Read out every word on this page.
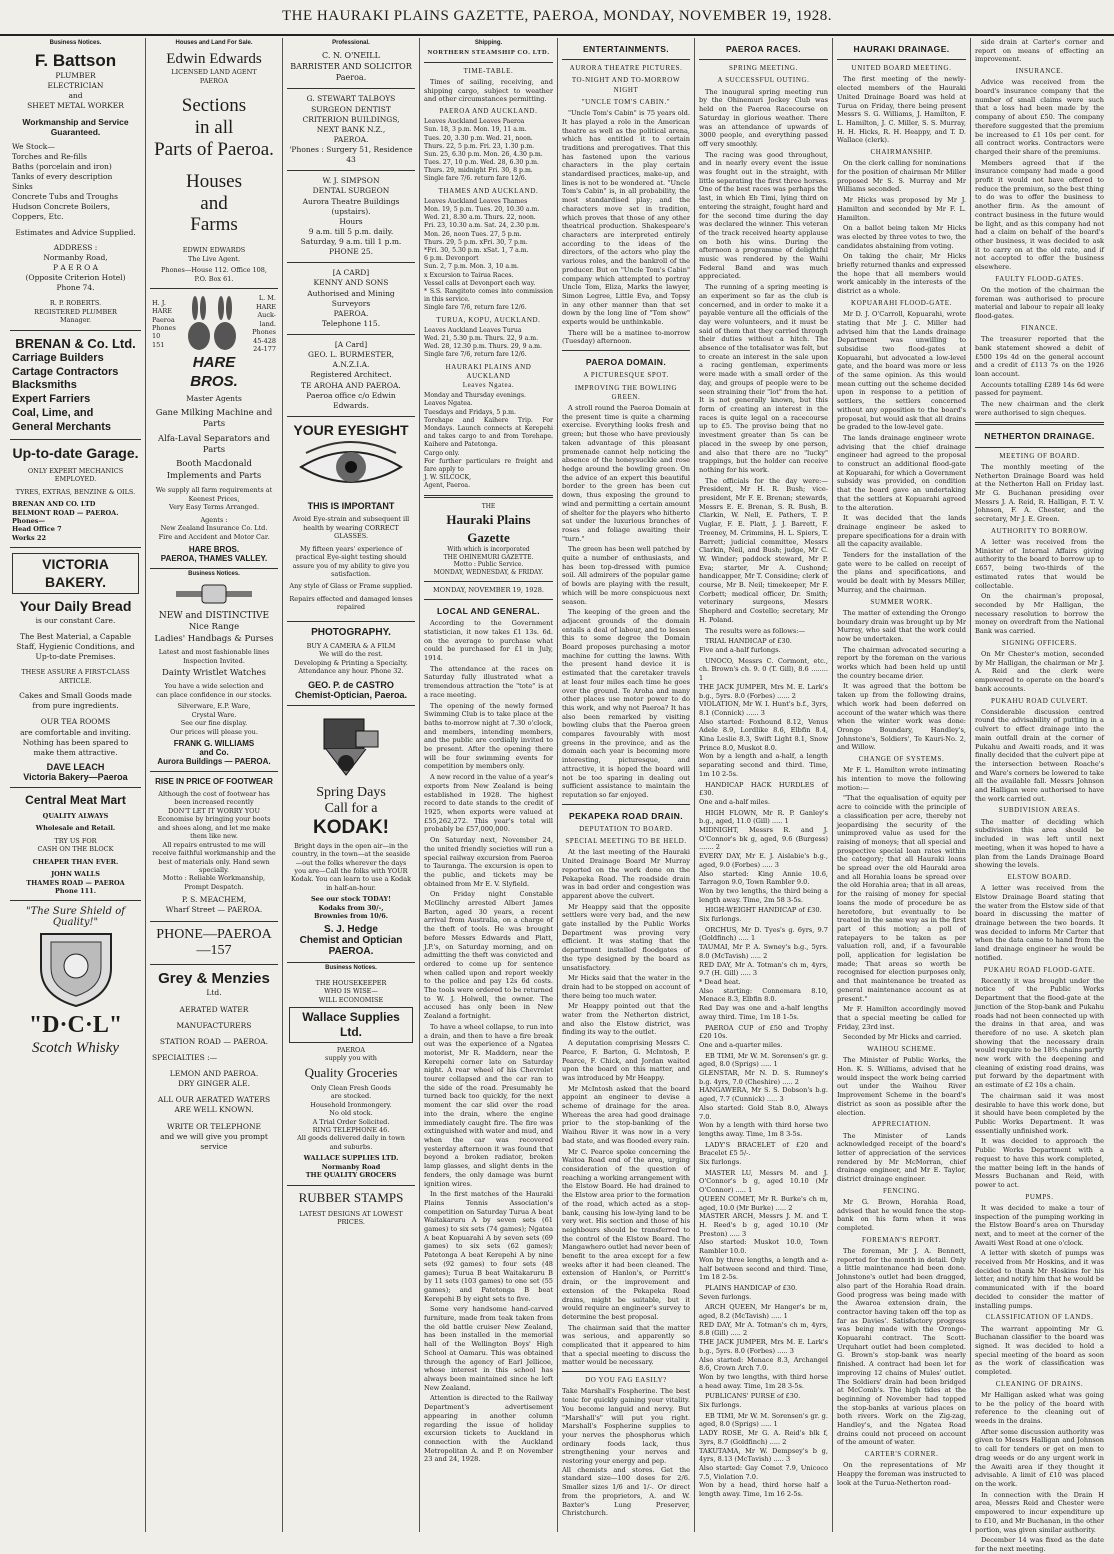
THE HAURAKI PLAINS GAZETTE, PAEROA, MONDAY, NOVEMBER 19, 1928.
Business Notices.
F. Battson
PLUMBER
ELECTRICIAN
and
SHEET METAL WORKER
Workmanship and Service Guaranteed.
We Stock—
Torches and Re-fills
Baths (porcelain and iron)
Tanks of every description
Sinks
Concrete Tubs and Troughs
Hudson Concrete Boilers,
Coppers, Etc.
Estimates and Advice Supplied.
ADDRESS :
Normanby Road,
P A E R O A
(Opposite Criterion Hotel)
Phone 74.
R. P. ROBERTS.
REGISTERED PLUMBER
Manager.
BRENAN & Co. Ltd.
Carriage Builders
Cartage Contractors
Blacksmiths
Expert Farriers
Coal, Lime, and
General Merchants
Up-to-date Garage.
ONLY EXPERT MECHANICS EMPLOYED.
TYRES, EXTRAS, BENZINE & OILS.
BRENAN AND CO. LTD
BELMONT ROAD — PAEROA.
Phones—
Head Office 7
Works 22
VICTORIA BAKERY.
Your Daily Bread
is our constant Care.
The Best Material, a Capable Staff, Hygienic Conditions, and Up-to-date Premises.
THESE ASSURE A FIRST-CLASS ARTICLE.
Cakes and Small Goods made from pure ingredients.
OUR TEA ROOMS
are comfortable and inviting.
Nothing has been spared to
make them attractive.
DAVE LEACH
Victoria Bakery—Paeroa
Central Meat Mart
QUALITY ALWAYS
Wholesale and Retail.
TRY US FOR
CASH ON THE BLOCK
CHEAPER THAN EVER.
JOHN WALLS
THAMES ROAD — PAEROA
Phone 111.
"The Sure Shield of Quality!"
"D·C·L"
Scotch Whisky
Houses and Land For Sale.
Edwin Edwards
LICENSED LAND AGENT
PAEROA
Sections
in all
Parts of Paeroa.
Houses
and
Farms
EDWIN EDWARDS
The Live Agent.
Phones—House 112. Office 108,
P.O. Box 61.
H. J.
HARE
Paeroa
Phones
10
151
L. M.
HARE
Auck-
land.
Phones
45-428
24-177
HARE
BROS.
Master Agents
Gane Milking Machine and Parts
Alfa-Laval Separators and Parts
Booth Macdonald Implements and Parts
We supply all farm requirements at Keenest Prices,
Very Easy Terms Arranged.
Agents :
New Zealand Insurance Co. Ltd.
Fire and Accident and Motor Car.
HARE BROS.
PAEROA, THAMES VALLEY.
Business Notices.
NEW and DISTINCTIVE
Nice Range
Ladies' Handbags & Purses
Latest and most fashionable lines
Inspection Invited.
Dainty Wristlet Watches
You have a wide selection and
can place confidence in our stocks.
Silverware, E.P. Ware,
Crystal Ware.
See our fine display.
Our prices will please you.
FRANK G. WILLIAMS
and Co.
Aurora Buildings — PAEROA.
RISE IN PRICE OF FOOTWEAR
Although the cost of footwear has been increased recently
DON'T LET IT WORRY YOU
Economise by bringing your boots and shoes along, and let me make them like new.
All repairs entrusted to me will receive faithful workmanship and the best of materials only. Hand sewn specially.
Motto : Reliable Workmanship, Prompt Despatch.
P. S. MEACHEM,
Wharf Street — PAEROA.
PHONE—PAEROA —157
Grey & Menzies
Ltd.
AERATED WATER
MANUFACTURERS
STATION ROAD — PAEROA.
SPECIALTIES :—
LEMON AND PAEROA.
DRY GINGER ALE.
ALL OUR AERATED WATERS
ARE WELL KNOWN.
WRITE OR TELEPHONE
and we will give you prompt
service
Professional.
C. N. O'NEILL
BARRISTER AND SOLICITOR
Paeroa.
G. STEWART TALBOYS
SURGEON DENTIST
CRITERION BUILDINGS,
NEXT BANK N.Z.,
PAEROA.
'Phones : Surgery 51, Residence 43
W. J. SIMPSON
DENTAL SURGEON
Aurora Theatre Buildings
(upstairs).
Hours
9 a.m. till 5 p.m. daily.
Saturday, 9 a.m. till 1 p.m.
PHONE 25.
[A CARD]
KENNY AND SONS
Authorised and Mining Surveyors
PAEROA.
Telephone 115.
[A Card]
GEO. L. BURMESTER, A.N.Z.I.A.
Registered Architect.
TE AROHA AND PAEROA.
Paeroa office c/o Edwin Edwards.
YOUR EYESIGHT
THIS IS IMPORTANT
Avoid Eye-strain and subsequent ill health by wearing CORRECT GLASSES.
My fifteen years' experience of practical Eye-sight testing should assure you of my ability to give you satisfaction.
Any style of Glass or Frame supplied.
Repairs effected and damaged lenses repaired
PHOTOGRAPHY.
BUY A CAMERA & A FILM
We will do the rest.
Developing & Printing a Specialty.
Attendance any hour. Phone 32.
GEO. P. de CASTRO
Chemist-Optician, Paeroa.
Spring Days
Call for a
KODAK!
Bright days in the open air—in the country, in the town—at the seaside—out the folks wherever the days you are—Call the folks with YOUR Kodak. You can learn to use a Kodak in half-an-hour.
See our stock TODAY!
Kodaks from 30/-,
Brownies from 10/6.
S. J. Hedge
Chemist and Optician
PAEROA.
Business Notices.
THE HOUSEKEEPER
WHO IS WISE—
WILL ECONOMISE
Wallace Supplies Ltd.
PAEROA
supply you with
Quality Groceries
Only Clean Fresh Goods
are stocked.
Household Ironmongery.
No old stock.
A Trial Order Solicited.
RING TELEPHONE 46.
All goods delivered daily in town
and suburbs.
WALLACE SUPPLIES LTD.
Normanby Road
THE QUALITY GROCERS
RUBBER STAMPS
LATEST DESIGNS AT LOWEST
PRICES.
Shipping.
NORTHERN STEAMSHIP CO. LTD.
TIME-TABLE.

Times of sailing, receiving, and shipping cargo, subject to weather and other circumstances permitting.

PAEROA AND AUCKLAND.
Leaves Auckland Leaves Paeroa
Sun. 18, 3 p.m. Mon. 19, 11 a.m.
Tues. 20, 3.30 p.m. Wed. 21, noon.
Thurs. 22, 5 p.m. Fri. 23, 1.30 p.m.
Sun. 25, 6.30 p.m. Mon. 26, 4.30 p.m.
Tues. 27, 10 p.m. Wed. 28, 6.30 p.m.
Thurs. 29, midnight Fri. 30, 8 p.m.
Single fare 7/6. return fare 12/6.
THAMES AND AUCKLAND.
Leaves Auckland Leaves Thames
Mon. 19, 5 p.m. Tues. 20, 10.30 a.m.
Wed. 21, 8.30 a.m. Thurs. 22, noon.
Fri. 23, 10.30 a.m. Sat. 24, 2.30 p.m.
Mon. 26, noon Tues. 27, 5 p.m.
Thurs. 29, 5 p.m. xFri. 30, 7 p.m.
*Fri. 30, 5.30 p.m. xSat. 1, 7 a.m.
6 p.m. Devonport
Sun. 2, 7 p.m. Mon. 3, 10 a.m.
x Excursion to Tairua Races.
Vessel calls at Devonport each way.
* S.S. Rangitoto comes into commission in this service.
Single fare 7/6, return fare 12/6.
TURUA, KOPU, AUCKLAND.
Leaves Auckland Leaves Turua
Wed. 21, 5.30 p.m. Thurs. 22, 9 a.m.
Wed. 28, 12.30 p.m. Thurs. 29, 9 a.m.
Single fare 7/6, return fare 12/6.
HAURAKI PLAINS AND AUCKLAND
Leaves Ngatea.
Monday and Thursday evenings.
Leaves Ngatea.
Tuesdays and Fridays, 5 p.m.
Torehape and Kaihere Trip. For Mondays. Launch connects at Kerepehi and takes cargo to and from Torehape. Kaihere and Patetonga.
Cargo only.
For further particulars re freight and fare apply to
J. W. SILCOCK,
Agent, Paeroa.
THE
Hauraki Plains Gazette
With which is incorporated
THE OHINEMURI GAZETTE.
Motto : Public Service.
MONDAY, WEDNESDAY, & FRIDAY.
MONDAY, NOVEMBER 19, 1928.
LOCAL AND GENERAL.

According to the Government statistician, it now takes £1 13s. 6d. on the average to purchase what could be purchased for £1 in July, 1914.

The attendance at the races on Saturday fully illustrated what a tremendous attraction the "tote" is at a race meeting.

The opening of the newly formed Swimming Club is to take place at the baths to-morrow night at 7.30 o'clock, and members, intending members, and the public are cordially invited to be present. After the opening there will be four swimming events for competition by members only.

A new record in the value of a year's exports from New Zealand is being established in 1928. The highest record to date stands to the credit of 1925, when exports were valued at £55,262,272. This year's total will probably be £57,000,000.

On Saturday next, November 24, the united friendly societies will run a special railway excursion from Paeroa to Tauranga. The excursion is open to the public, and tickets may be obtained from Mr E. V. Slyfield.

On Friday night Constable McGlinchy arrested Albert James Barton, aged 30 years, a recent arrival from Australia, on a charge of the theft of tools. He was brought before Messrs Edwards and Platt, J.P.'s, on Saturday morning, and on admitting the theft was convicted and ordered to come up for sentence when called upon and report weekly to the police and pay 12s 6d costs. The tools were ordered to be returned to W. J. Holwell, the owner. The accused has only been in New Zealand a fortnight.

To have a wheel collapse, to run into a drain, and then to have a fire break out was the experience of a Ngatea motorist, Mr R. Maddern, near the Kerepehi corner late on Saturday night. A rear wheel of his Chevrolet tourer collapsed and the car ran to the side of the road. Presumably he turned back too quickly, for the next moment the car slid over the road into the drain, where the engine immediately caught fire. The fire was extinguished with water and mud, and when the car was recovered yesterday afternoon it was found that beyond a broken radiator, broken lamp glasses, and slight dents in the fenders, the only damage was burnt ignition wires.

In the first matches of the Hauraki Plains Tennis Association's competition on Saturday Turua A beat Waitakaruru A by seven sets (61 games) to six sets (74 games); Ngatea A beat Kopuarahi A by seven sets (69 games) to six sets (62 games); Patetonga A beat Kerepehi A by nine sets (92 games) to four sets (48 games); Turua B beat Waitakaruru B by 11 sets (103 games) to one set (55 games); and Patetonga B beat Kerepehi B by eight sets to five.

Some very handsome hand-carved furniture, made from teak taken from the old battle cruiser New Zealand, has been installed in the memorial hall of the Wellington Boys' High School at Oamaru. This was obtained through the agency of Earl Jellicoe, whose interest in this school has always been maintained since he left New Zealand.

Attention is directed to the Railway Department's advertisement appearing in another column regarding the issue of holiday excursion tickets to Auckland in connection with the Auckland Metropolitan A. and P. on November 23 and 24, 1928.

ENTERTAINMENTS.
AURORA THEATRE PICTURES.
TO-NIGHT AND TO-MORROW NIGHT
"UNCLE TOM'S CABIN."

"Uncle Tom's Cabin" is 75 years old. It has played a role in the American theatre as well as the political arena, which has entitled it to certain traditions and prerogatives. That this has fastened upon the various characters in the play certain standardised practices, make-up, and lines is not to be wondered at. "Uncle Tom's Cabin" is, in all probability, the most standardised play; and the characters move set in tradition, which proves that those of any other theatrical production. Shakespeare's characters are interpreted entirely according to the ideas of the directors, of the actors who play the various roles, and the bankroll of the producer. But on "Uncle Tom's Cabin" company which attempted to portray Uncle Tom, Eliza, Marks the lawyer, Simon Legree, Little Eva, and Topsy in any other manner than that set down by the long line of "Tom show" experts would be unthinkable.

There will be a matinee to-morrow (Tuesday) afternoon.

PAEROA DOMAIN.
A PICTURESQUE SPOT.
IMPROVING THE BOWLING GREEN.

A stroll round the Paeroa Domain at the present time is quite a charming exercise. Everything looks fresh and green; but those who have previously taken advantage of this pleasant promenade cannot help noticing the absence of the honeysuckle and rose hedge around the bowling green. On the advice of an expert this beautiful border to the green has been cut down, thus exposing the ground to wind and permitting a certain amount of shelter for the players who hitherto sat under the luxurious branches of roses and foliage awaiting their "turn."

The green has been well patched by quite a number of enthusiasts, and has been top-dressed with pumice soil. All admirers of the popular game of bowls are playing with the result, which will be more conspicuous next season.

The keeping of the green and the adjacent grounds of the domain entails a deal of labour, and to lessen this to some degree the Domain Board proposes purchasing a motor machine for cutting the lawns. With the present hand device it is estimated that the caretaker travels at least four miles each time he goes over the ground. Te Aroha and many other places use motor power to do this work, and why not Paeroa? It has also been remarked by visiting bowling clubs that the Paeroa green compares favourably with most greens in the province, and as the domain each year is becoming more interesting, picturesque, and attractive, it is hoped the board will not be too sparing in dealing out sufficient assistance to maintain the reputation so far enjoyed.

PEKAPEKA ROAD DRAIN.
DEPUTATION TO BOARD.
SPECIAL MEETING TO BE HELD.

At the last meeting of the Hauraki United Drainage Board Mr Murray reported on the work done on the Pekapeka Road. The roadside drain was in bad order and congestion was apparent above the culvert.

Mr Heappy said that the opposite settlers were very bad, and the new gate installed by the Public Works Department was proving very efficient. It was stating that the department installed floodgates of the type designed by the board as unsatisfactory.

Mr Hicks said that the water in the drain had to be stopped on account of there being too much water.

Mr Heappy pointed out that the water from the Netherton district, and also the Elstow district, was finding its way to the outlet.

A deputation comprising Messrs C. Pearce, F. Barton, G. McIntosh, P. Pearce, F. Chick, and Jordan waited upon the board on this matter, and was introduced by Mr Heappy.

Mr McIntosh asked that the board appoint an engineer to devise a scheme of drainage for the area. Whereas the area had good drainage prior to the stop-banking of the Waihou River it was now in a very bad state, and was flooded every rain.

Mr C. Pearce spoke concerning the Waitoa Road end of the area, urging consideration of the question of reaching a working arrangement with the Elstow Board. He had drained to the Elstow area prior to the formation of the road, which acted as a stop-bank, causing his low-lying land to be very wet. His section and those of his neighbours should be transferred to the control of the Elstow Board. The Mangawhero outlet had never been of benefit to the area except for a few weeks after it had been cleaned. The extension of Hanlon's, or Perritt's drain, or the improvement and extension of the Pekapeka Road drains, might be suitable, but it would require an engineer's survey to determine the best proposal.

The chairman said that the matter was serious, and apparently so complicated that it appeared to him that a special meeting to discuss the matter would be necessary.

DO YOU FAG EASILY?
Take Marshall's Fospherine. The best tonic for quickly gaining your vitality. You become languid and nervy. But "Marshall's" will put you right. Marshall's Fospherine supplies to your nerves the phosphorus which ordinary foods lack, thus strengthening your nerves and restoring your energy and pep.
All chemists and stores. Get the standard size—100 doses for 2/6. Smaller sizes 1/6 and 1/-. Or direct from the proprietors, A. and W. Baxter's Lung Preserver, Christchurch.
PAEROA RACES.
SPRING MEETING.
A SUCCESSFUL OUTING.

The inaugural spring meeting run by the Ohinemuri Jockey Club was held on the Paeroa Racecourse on Saturday in glorious weather. There was an attendance of upwards of 3000 people, and everything passed off very smoothly.

The racing was good throughout, and in nearly every event the issue was fought out in the straight, with little separating the first three horses. One of the best races was perhaps the last, in which Eb Timi, lying third on entering the straight, fought hard and for the second time during the day was declared the winner. This veteran of the track received hearty applause on both his wins. During the afternoon a programme of delightful music was rendered by the Waihi Federal Band and was much appreciated.

The running of a spring meeting is an experiment so far as the club is concerned, and in order to make it a payable venture all the officials of the day were volunteers, and it must be said of them that they carried through their duties without a hitch. The absence of the totalisator was felt, but to create an interest in the sale upon a racing gentleman, experiments were made with a small order of the day, and groups of people were to be seen straining their "lot" from the hat. It is not generally known, but this form of creating an interest in the races is quite legal on a racecourse up to £5. The proviso being that no investment greater than 5s can be placed in the sweep by one person, and also that there are no "lucky" trappings, but the holder can receive nothing for his work.

The officials for the day were:— President, Mr H. R. Bush; vice-president, Mr F. E. Brenan; stewards, Messrs E. E. Brenan, S. R. Bush, B. Clarkin, W. Nell, E. Pathers, T. P. Vuglar, F. E. Platt, J. J. Barrett, F. Treeney, M. Crimmins, H. L. Spiers, T. Barrett; judicial committee, Messrs Clarkin, Neil, and Bush; judge, Mr C. W. Winder; paddock steward, Mr P. Eva; starter, Mr A. Cushond; handicapper, Mr T. Considine; clerk of course, Mr B. Neil; timekeeper, Mr F. Corbett; medical officer, Dr. Smith; veterinary surgeons, Messrs Shepherd and Costello; secretary, Mr H. Poland.

The results were as follows:—

TRIAL HANDICAP of £30.
Five and a-half furlongs.

UNOCO, Messrs C. Cormont, etc., ch. Brown's ch. 9. 0 (T. Gill), 8.6 ........ 1
THE JACK JUMPER, Mrs M. E. Lark's b.g., 5yrs. 8.0 (Forbes) ...... 2
VIOLATION, Mr W. I. Hunt's b.f., 3yrs, 8.1 (Connick) ...... 3
Also started: Foxhound 8.12, Venus Adele 8.9, Lordlike 8.6, Elbfin 8.4, Kina Leslie 8.3, Swift Light 8.1, Snow Prince 8.0, Muskot 8.0.
Won by a length and a-half, a length separating second and third. Time, 1m 10 2-5s.

HANDICAP HACK HURDLES of £30.
One and a-half miles.

HIGH FLOWN, Mr R. P. Ganley's b.g., aged, 11.0 (Gill) ..... 1
MIDNIGHT, Messrs R. and J. O'Connor's bk g, aged, 9.6 (Burgess) ....... 2
EVERY DAY, Mr E. J. Aislabie's b.g., aged, 9.0 (Forbes) ..... 3
Also started: King Annie 10.6, Tarragon 9.0, Town Rambler 9.0.
Won by two lengths, the third being a length away. Time, 2m 58 3-5s.

HIGH-WEIGHT HANDICAP of £30.
Six furlongs.

ORCHUS, Mr D. Tyes's g. 6yrs, 9.7 (Goldfinch) ..... 1
TAUMAI, Mr P. A. Swney's b.g., 5yrs. 8.0 (McTavish) ..... 2
RED DAY, Mr A. Totman's ch m, 4yrs, 9.7 (H. Gill) ..... 3
* Dead heat.
Also starting: Connemara 8.10, Menace 8.3, Elbfin 8.0.
Red Day was one and a-half lengths away third. Time, 1m 18 1-5s.

PAEROA CUP of £50 and Trophy £20 10s.
One and a-quarter miles.

EB TIMI, Mr W. M. Sorensen's gr. g. aged, 8.0 (Sprigs) ..... 1
GLENSTAR, Mr N. D. S. Rumney's b.g. 4yrs, 7.0 (Cheshire) ..... 2
HANGAWERA, Mr S. S. Dobson's b.g. aged, 7.7 (Cunnick) ..... 3
Also started: Gold Stab 8.0, Always 7.0.
Won by a length with third horse two lengths away. Time, 1m 8 3-5s.

LADY'S BRACELET of £20 and Bracelet £5 5/-.
Six furlongs.

MASTER LU, Messrs M. and J. O'Connor's b g, aged 10.10 (Mr O'Connor) ..... 1
QUEEN COMET, Mr R. Burke's ch m, aged, 10.0 (Mr Burke) ..... 2
MASTER ARCH, Messrs J. M. and T. H. Reed's b g, aged 10.10 (Mr Preston) ..... 3
Also started: Muskot 10.0, Town Rambler 10.0.
Won by three lengths, a length and a-half between second and third. Time, 1m 18 2-5s.

PLAINS HANDICAP of £30.
Seven furlongs.

ARCH QUEEN, Mr Hanger's br m, aged, 8.2 (McTavish) ..... 1
RED DAY, Mr A. Totman's ch m, 4yrs, 8.8 (Gill) ..... 2
THE JACK JUMPER, Mrs M. E. Lark's b.g., 5yrs. 8.0 (Forbes) ..... 3
Also started: Menace 8.3, Archangel 8.6, Crown Arch 7.0.
Won by two lengths, with third horse a head away. Time, 1m 28 3-5s.

PUBLICANS' PURSE of £30.
Six furlongs.

EB TIMI, Mr W. M. Sorensen's gr. g. aged, 8.0 (Sprigs) ..... 1
LADY ROSE, Mr G. A. Reid's blk f, 3yrs, 8.7 (Goldfinch) ..... 2
TAKUTAMA, Mr W. Dempsey's b g, 4yrs, 8.13 (McTavish) ..... 3
Also started: Gay Comet 7.9, Unicoco 7.5, Violation 7.0.
Won by a head, third horse half a length away. Time, 1m 16 2-5s.

HAURAKI DRAINAGE.
UNITED BOARD MEETING.

The first meeting of the newly-elected members of the Hauraki United Drainage Board was held at Turua on Friday, there being present Messrs S. G. Williams, J. Hamilton, F. L. Hamilton, J. C. Miller, S. S. Murray, H. H. Hicks, R. H. Heappy, and T. D. Wallace (clerk).

CHAIRMANSHIP.

On the clerk calling for nominations for the position of chairman Mr Miller proposed Mr S. S. Murray and Mr Williams seconded.

Mr Hicks was proposed by Mr J. Hamilton and seconded by Mr F. L. Hamilton.

On a ballot being taken Mr Hicks was elected by three votes to two, the candidates abstaining from voting.

On taking the chair, Mr Hicks briefly returned thanks and expressed the hope that all members would work amicably in the interests of the district as a whole.

KOPUARAHI FLOOD-GATE.

Mr D. J. O'Carroll, Kopuarahi, wrote stating that Mr J. C. Miller had advised him that the Lands drainage Department was unwilling to subsidise two flood-gates at Kopuarahi, but advocated a low-level gate, and the board was more or less of the same opinion. As this would mean cutting out the scheme decided upon in response to a petition of settlers, the settlers concerned without any opposition to the board's proposal, but would ask that all drains be graded to the low-level gate.

The lands drainage engineer wrote advising that the chief drainage engineer had agreed to the proposal to construct an additional flood-gate at Kopuarahi, for which a Government subsidy was provided, on condition that the board gave an undertaking that the settlers at Kopuarahi agreed to the alteration.

It was decided that the lands drainage engineer be asked to prepare specifications for a drain with all the capacity available.

Tenders for the installation of the gate were to be called on receipt of the plans and specifications, and would be dealt with by Messrs Miller, Murray, and the chairman.

SUMMER WORK.

The matter of extending the Orongo boundary drain was brought up by Mr Murray, who said that the work could now be undertaken.

The chairman advocated securing a report by the foreman on the various works which had been held up until the country became drier.

It was agreed that the bottom be taken up from the following drains, which work had been deferred on account of the water which was there when the winter work was done: Orongo Boundary, Handley's, Johnstone's, Soldiers', Te Kauri-No. 2, and Willow.

CHANGE OF SYSTEMS.

Mr F. L. Hamilton wrote intimating his intention to move the following motion:—

"That the equalisation of equity per acre to coincide with the principle of a classification per acre, thereby not jeopardising the security of the unimproved value as used for the raising of moneys; that all special and prospective special loan rates within the category; that all Hauraki loans be spread over the old Hauraki area and all Horahia loans be spread over the old Horahia area; that in all areas, for the raising of money for special loans the mode of procedure be as heretofore, but eventually to be treated in the same way as in the first part of this motion; a poll of ratepayers to be taken as per valuation roll, and, if a favourable poll, application for legislation be made; That areas so worth be recognised for election purposes only, and that maintenance be treated as general maintenance account as at present."

Mr F. Hamilton accordingly moved that a special meeting be called for Friday, 23rd inst.

Seconded by Mr Hicks and carried.

WAIHOU SCHEME.

The Minister of Public Works, the Hon. K. S. Williams, advised that he would inspect the work being carried out under the Waihou River Improvement Scheme in the board's district as soon as possible after the election.

APPRECIATION.

The Minister of Lands acknowledged receipt of the board's letter of appreciation of the services rendered by Mr McMorran, chief drainage engineer, and Mr E. Taylor, district drainage engineer.

FENCING.

Mr G. Brown, Horahia Road, advised that he would fence the stop-bank on his farm when it was completed.

FOREMAN'S REPORT.

The foreman, Mr J. A. Bennett, reported for the month in detail. Only a little maintenance had been done. Johnstone's outlet had been dragged, also part of the Horahia Road drain. Good progress was being made with the Awaroa extension drain, the contractor having taken off the top as far as Davies'. Satisfactory progress was being made with the Orongo-Kopuarahi contract. The Scott-Urquhart outlet had been completed. G. Brown's stop-bank was nearly finished. A contract had been let for improving 12 chains of Mules' outlet. The Soldiers' drain had been bridged at McComb's. The high tides at the beginning of November had topped the stop-banks at various places on both rivers. Work on the Zig-zag, Handley's, and the Ngatea Road drains could not proceed on account of the amount of water.

CARTER'S CORNER.

On the representations of Mr Heappy the foreman was instructed to look at the Turua-Netherton road-

side drain at Carter's corner and report on means of effecting an improvement.

INSURANCE.

Advice was received from the board's insurance company that the number of small claims were such that a loss had been made by the company of about £50. The company therefore suggested that the premium be increased to £1 10s per cent. for all contract works. Contractors were charged their share of the premiums.

Members agreed that if the insurance company had made a good profit it would not have offered to reduce the premium, so the best thing to do was to offer the business to another firm. As the amount of contract business in the future would be light, and as this company had not had a claim on behalf of the board's other business, it was decided to ask it to carry on at the old rate, and if not accepted to offer the business elsewhere.

FAULTY FLOOD-GATES.

On the motion of the chairman the foreman was authorised to procure material and labour to repair all leaky flood-gates.

FINANCE.

The treasurer reported that the bank statement showed a debit of £500 19s 4d on the general account and a credit of £113 7s on the 1926 loan account.

Accounts totalling £289 14s 6d were passed for payment.

The new chairman and the clerk were authorised to sign cheques.

NETHERTON DRAINAGE.
MEETING OF BOARD.

The monthly meeting of the Netherton Drainage Board was held at the Netherton Hall on Friday last. Mr G. Buchanan presiding over Messrs J. A. Reid, R. Halligan, F. T. V. Johnson, F. A. Chester, and the secretary, Mr J. E. Green.

AUTHORITY TO BORROW.

A letter was received from the Minister of Internal Affairs giving authority to the board to borrow up to £657, being two-thirds of the estimated rates that would be collectable.

On the chairman's proposal, seconded by Mr Halligan, the necessary resolution to borrow the money on overdraft from the National Bank was carried.

SIGNING OFFICERS.

On Mr Chester's motion, seconded by Mr Halligan, the chairman or Mr J. A. Reid and the clerk were empowered to operate on the board's bank accounts.

PUKAHU ROAD CULVERT.

Considerable discussion centred round the advisability of putting in a culvert to effect drainage into the main outfall drain at the corner of Pukahu and Awaiti roads, and it was finally decided that the culvert pipe at the intersection between Roache's and Ware's corners be lowered to take all the available fall. Messrs Johnson and Halligan were authorised to have the work carried out.

SUBDIVISION AREAS.

The matter of deciding which subdivision this area should be included in was left until next meeting, when it was hoped to have a plan from the Lands Drainage Board showing the levels.

ELSTOW BOARD.

A letter was received from the Elstow Drainage Board stating that the water from the Elstow side of that board in discussing the matter of drainage between the two boards. It was decided to inform Mr Carter that when the data came to hand from the land drainage engineer he would be notified.

PUKAHU ROAD FLOOD-GATE.

Recently it was brought under the notice of the Public Works Department that the flood-gate at the junction of the Stop-bank and Pukahu roads had not been connected up with the drains in that area, and was therefore of no use. A sketch plan showing that the necessary drain would require to be 18¾ chains partly new work with the deepening and cleaning of existing road drains, was put forward by the department with an estimate of £2 10s a chain.

The chairman said it was most desirable to have this work done, but it should have been completed by the Public Works Department. It was essentially unfinished work.

It was decided to approach the Public Works Department with a request to have this work completed, the matter being left in the hands of Messrs Buchanan and Reid, with power to act.

PUMPS.

It was decided to make a tour of inspection of the pumping working in the Elstow Board's area on Thursday next, and to meet at the corner of the Awaiti West Road at one o'clock.

A letter with sketch of pumps was received from Mr Hoskins, and it was decided to thank Mr Hoskins for his letter, and notify him that he would be communicated with if the board decided to consider the matter of installing pumps.

CLASSIFICATION OF LANDS.

The warrant appointing Mr G. Buchanan classifier to the board was signed. It was decided to hold a special meeting of the board as soon as the work of classification was completed.

CLEANING OF DRAINS.

Mr Halligan asked what was going to be the policy of the board with reference to the cleaning out of weeds in the drains.

After some discussion authority was given to Messrs Halligan and Johnson to call for tenders or get on men to drag weeds or do any urgent work in the Awaiti area if they thought it advisable. A limit of £10 was placed on the work.

In connection with the Drain H area, Messrs Reid and Chester were empowered to incur expenditure up to £10, and Mr Buchanan, in the other portion, was given similar authority.

December 14 was fixed as the date for the next meeting.
